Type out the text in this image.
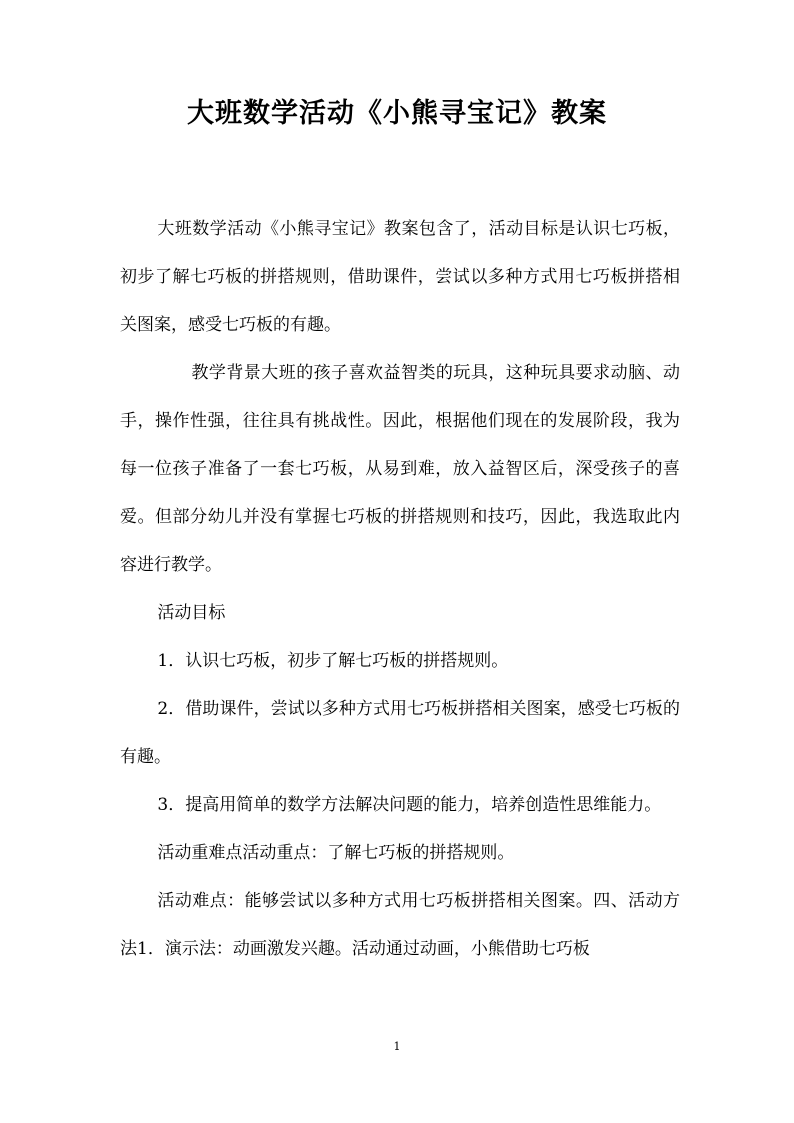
大班数学活动《小熊寻宝记》教案

大班数学活动《小熊寻宝记》教案包含了，活动目标是认识七巧板，初步了解七巧板的拼搭规则，借助课件，尝试以多种方式用七巧板拼搭相关图案，感受七巧板的有趣。

教学背景大班的孩子喜欢益智类的玩具，这种玩具要求动脑、动手，操作性强，往往具有挑战性。因此，根据他们现在的发展阶段，我为每一位孩子准备了一套七巧板，从易到难，放入益智区后，深受孩子的喜爱。但部分幼儿并没有掌握七巧板的拼搭规则和技巧，因此，我选取此内容进行教学。

活动目标

1．认识七巧板，初步了解七巧板的拼搭规则。

2．借助课件，尝试以多种方式用七巧板拼搭相关图案，感受七巧板的有趣。

3．提高用简单的数学方法解决问题的能力，培养创造性思维能力。

活动重难点活动重点：了解七巧板的拼搭规则。

活动难点：能够尝试以多种方式用七巧板拼搭相关图案。四、活动方法1．演示法：动画激发兴趣。活动通过动画，小熊借助七巧板

1
